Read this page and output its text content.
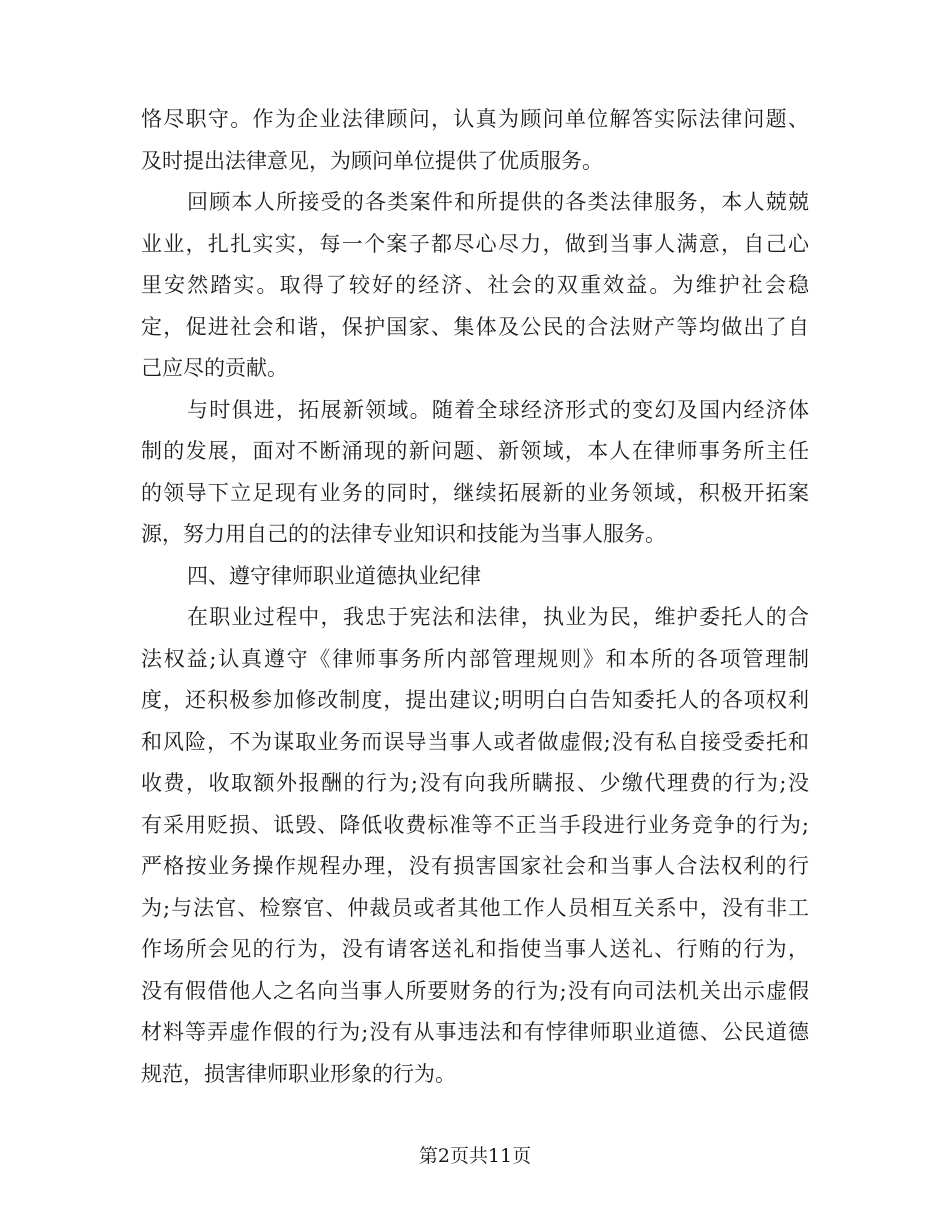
恪尽职守。作为企业法律顾问，认真为顾问单位解答实际法律问题、
及时提出法律意见，为顾问单位提供了优质服务。
回顾本人所接受的各类案件和所提供的各类法律服务，本人兢兢
业业，扎扎实实，每一个案子都尽心尽力，做到当事人满意，自己心
里安然踏实。取得了较好的经济、社会的双重效益。为维护社会稳
定，促进社会和谐，保护国家、集体及公民的合法财产等均做出了自
己应尽的贡献。
与时俱进，拓展新领域。随着全球经济形式的变幻及国内经济体
制的发展，面对不断涌现的新问题、新领域，本人在律师事务所主任
的领导下立足现有业务的同时，继续拓展新的业务领域，积极开拓案
源，努力用自己的的法律专业知识和技能为当事人服务。
四、遵守律师职业道德执业纪律
在职业过程中，我忠于宪法和法律，执业为民，维护委托人的合
法权益;认真遵守《律师事务所内部管理规则》和本所的各项管理制
度，还积极参加修改制度，提出建议;明明白白告知委托人的各项权利
和风险，不为谋取业务而误导当事人或者做虚假;没有私自接受委托和
收费，收取额外报酬的行为;没有向我所瞒报、少缴代理费的行为;没
有采用贬损、诋毁、降低收费标准等不正当手段进行业务竞争的行为;
严格按业务操作规程办理，没有损害国家社会和当事人合法权利的行
为;与法官、检察官、仲裁员或者其他工作人员相互关系中，没有非工
作场所会见的行为，没有请客送礼和指使当事人送礼、行贿的行为，
没有假借他人之名向当事人所要财务的行为;没有向司法机关出示虚假
材料等弄虚作假的行为;没有从事违法和有悖律师职业道德、公民道德
规范，损害律师职业形象的行为。
第2页共11页
